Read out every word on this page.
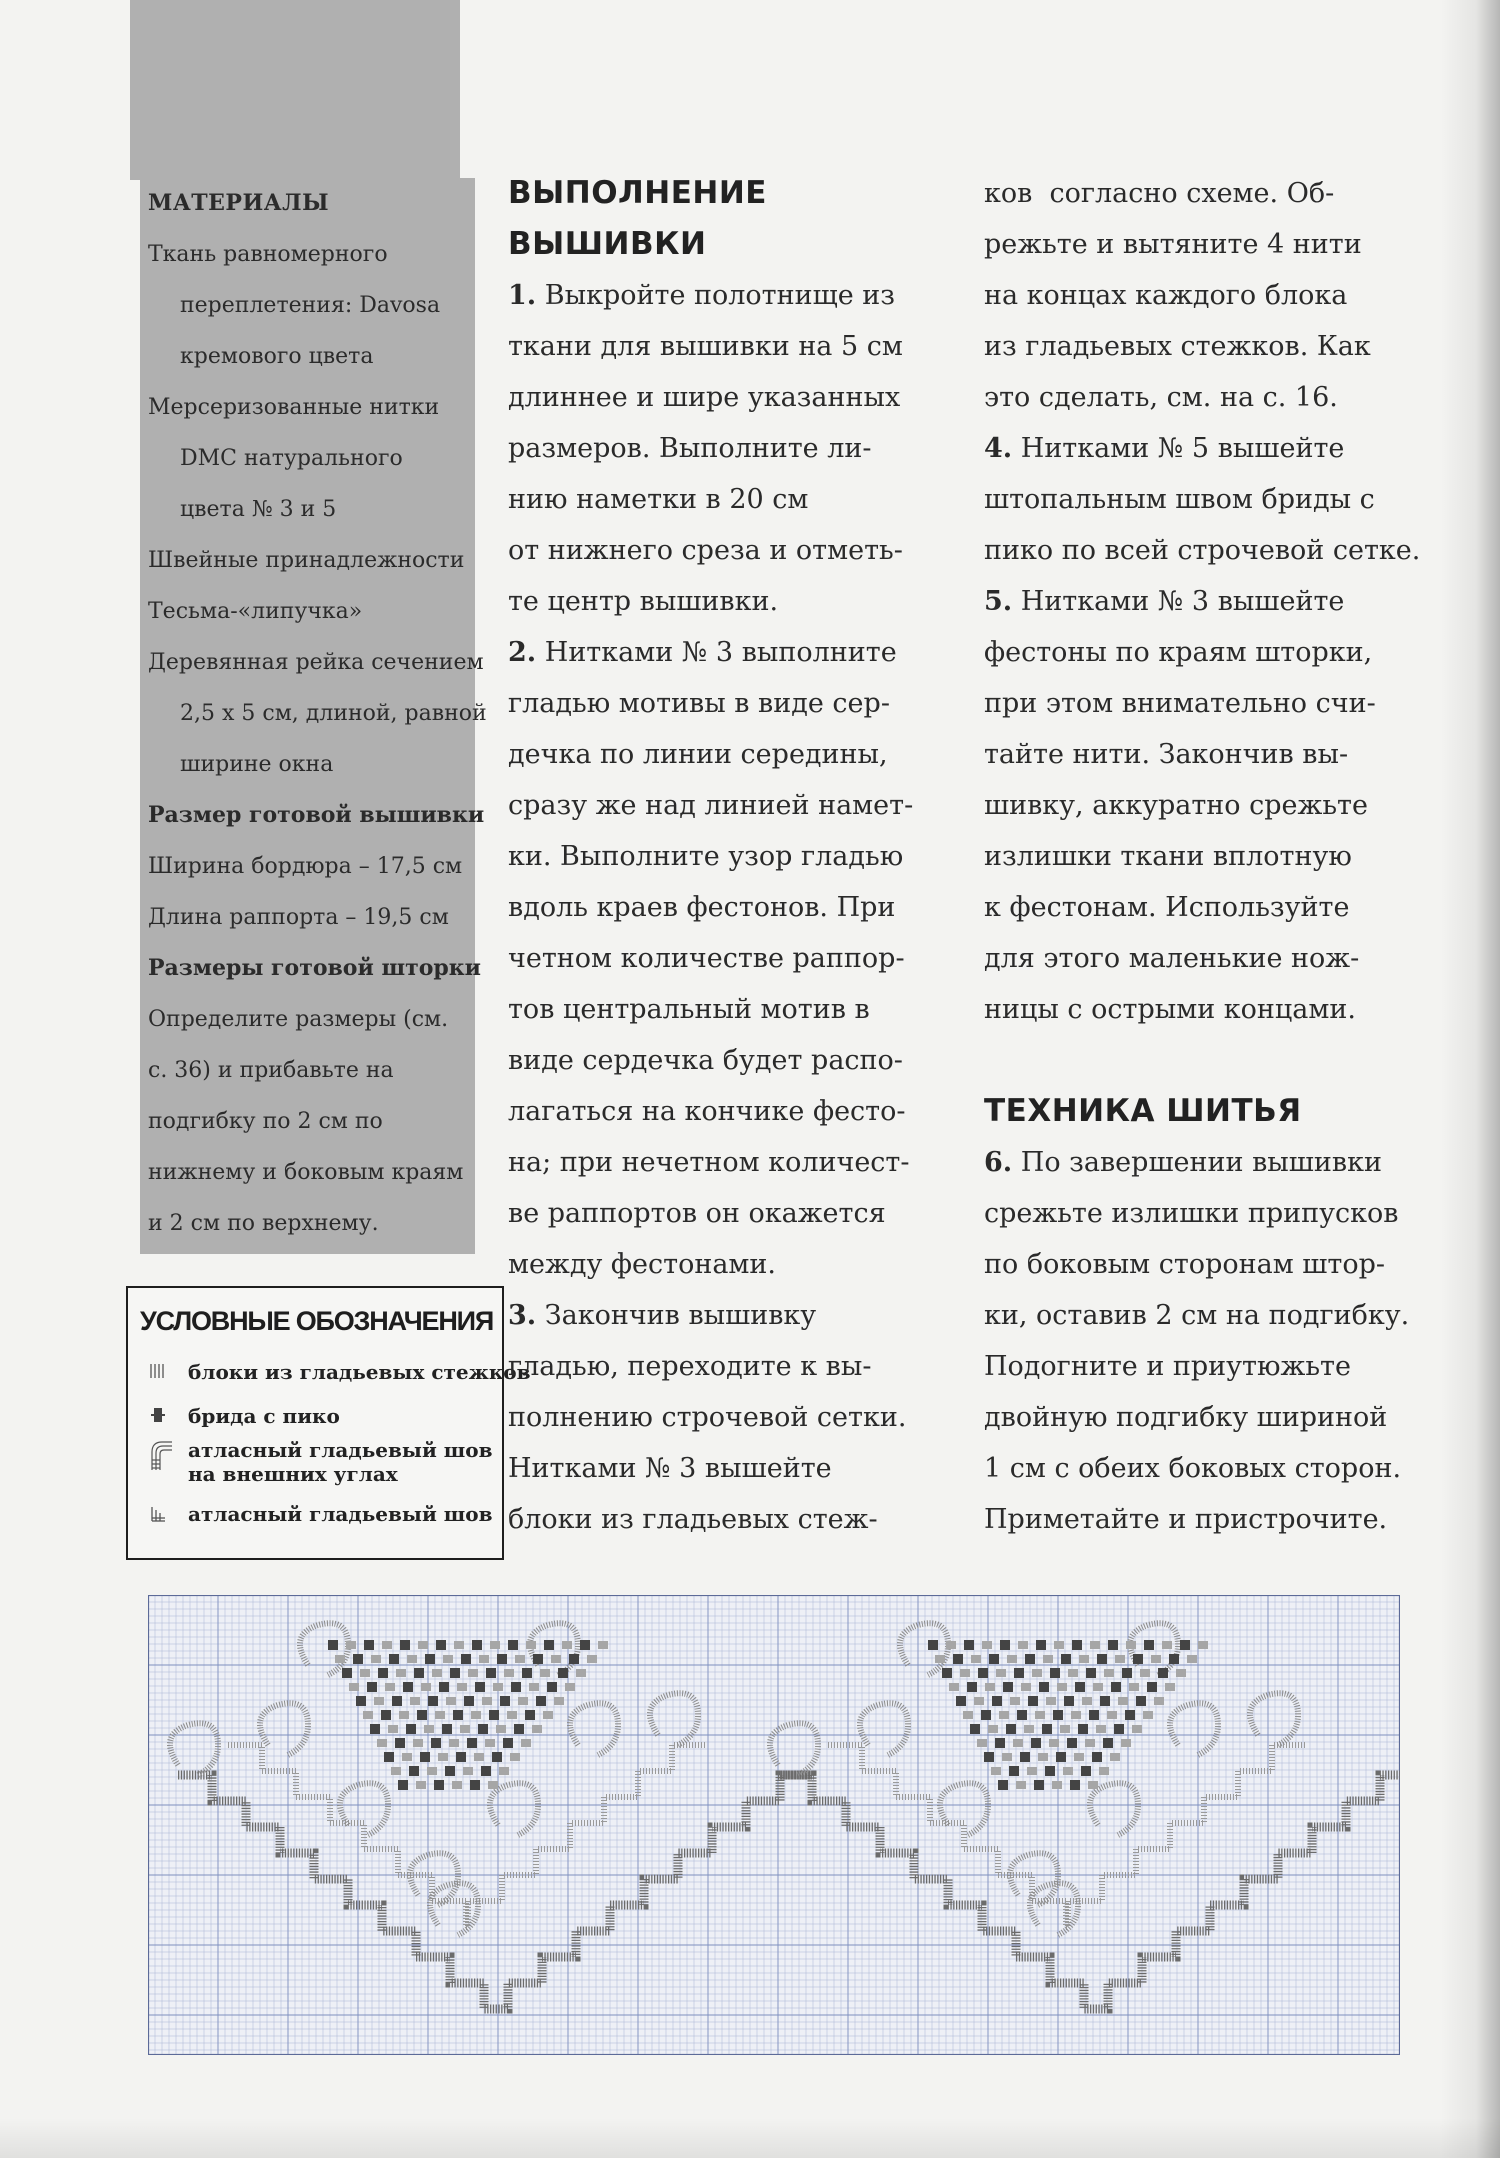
МАТЕРИАЛЫ
Ткань равномерного
переплетения: Davosa
кремового цвета
Мерсеризованные нитки
DMC натурального
цвета № 3 и 5
Швейные принадлежности
Тесьма-«липучка»
Деревянная рейка сечением
2,5 х 5 см, длиной, равной
ширине окна
Размер готовой вышивки
Ширина бордюра – 17,5 см
Длина раппорта – 19,5 см
Размеры готовой шторки
Определите размеры (см.
с. 36) и прибавьте на
подгибку по 2 см по
нижнему и боковым краям
и 2 см по верхнему.
УСЛОВНЫЕ ОБОЗНАЧЕНИЯ
блоки из гладьевых стежков
брида с пико
атласный гладьевый шов
на внешних углах
атласный гладьевый шов
ВЫПОЛНЕНИЕ
ВЫШИВКИ
1. Выкройте полотнище из
ткани для вышивки на 5 см
длиннее и шире указанных
размеров. Выполните ли-
нию наметки в 20 см
от нижнего среза и отметь-
те центр вышивки.
2. Нитками № 3 выполните
гладью мотивы в виде сер-
дечка по линии середины,
сразу же над линией намет-
ки. Выполните узор гладью
вдоль краев фестонов. При
четном количестве раппор-
тов центральный мотив в
виде сердечка будет распо-
лагаться на кончике фесто-
на; при нечетном количест-
ве раппортов он окажется
между фестонами.
3. Закончив вышивку
гладью, переходите к вы-
полнению строчевой сетки.
Нитками № 3 вышейте
блоки из гладьевых стеж-
ков  согласно схеме. Об-
режьте и вытяните 4 нити
на концах каждого блока
из гладьевых стежков. Как
это сделать, см. на с. 16.
4. Нитками № 5 вышейте
штопальным швом бриды с
пико по всей строчевой сетке.
5. Нитками № 3 вышейте
фестоны по краям шторки,
при этом внимательно счи-
тайте нити. Закончив вы-
шивку, аккуратно срежьте
излишки ткани вплотную
к фестонам. Используйте
для этого маленькие нож-
ницы с острыми концами.
ТЕХНИКА ШИТЬЯ
6. По завершении вышивки
срежьте излишки припусков
по боковым сторонам штор-
ки, оставив 2 см на подгибку.
Подогните и приутюжьте
двойную подгибку шириной
1 см с обеих боковых сторон.
Приметайте и пристрочите.
